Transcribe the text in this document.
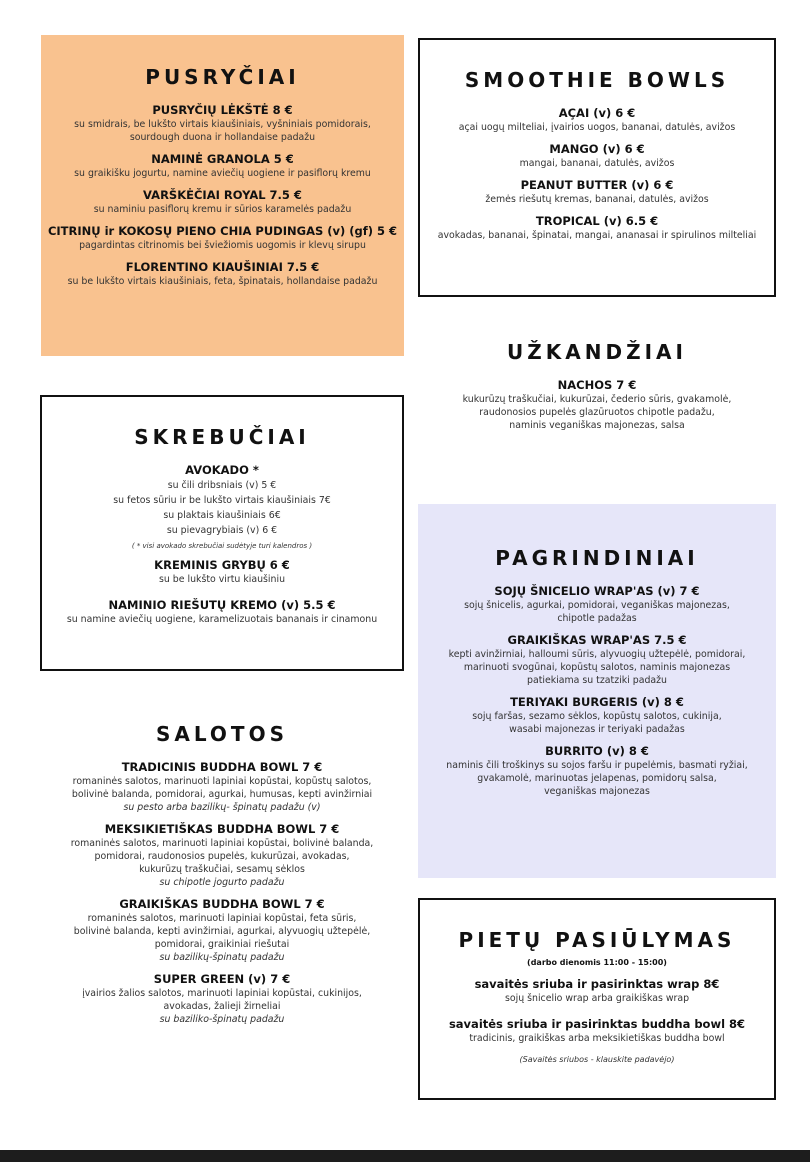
PUSRYČIAI
PUSRYČIŲ LĖKŠTĖ 8 €
su smidrais, be lukšto virtais kiaušiniais, vyšniniais pomidorais,
sourdough duona ir hollandaise padažu
NAMINĖ GRANOLA 5 €
su graikišku jogurtu, namine aviečių uogiene ir pasiflorų kremu
VARŠKĖČIAI ROYAL 7.5 €
su naminiu pasiflorų kremu ir sūrios karamelės padažu
CITRINŲ ir KOKOSŲ PIENO CHIA PUDINGAS (v) (gf) 5 €
pagardintas citrinomis bei šviežiomis uogomis ir klevų sirupu
FLORENTINO KIAUŠINIAI 7.5 €
su be lukšto virtais kiaušiniais, feta, špinatais, hollandaise padažu
SMOOTHIE BOWLS
AÇAI (v) 6 €
açai uogų milteliai, įvairios uogos, bananai, datulės, avižos
MANGO (v) 6 €
mangai, bananai, datulės, avižos
PEANUT BUTTER (v) 6 €
žemės riešutų kremas, bananai, datulės, avižos
TROPICAL (v) 6.5 €
avokadas, bananai, špinatai, mangai, ananasai ir spirulinos milteliai
UŽKANDŽIAI
NACHOS 7 €
kukurūzų traškučiai, kukurūzai, čederio sūris, gvakamolė,
raudonosios pupelės glazūruotos chipotle padažu,
naminis veganiškas majonezas, salsa
SKREBUČIAI
AVOKADO *
su čili dribsniais (v) 5 €
su fetos sūriu ir be lukšto virtais kiaušiniais 7€
su plaktais kiaušiniais 6€
su pievagrybiais (v) 6 €
( * visi avokado skrebučiai sudėtyje turi kalendros )
KREMINIS GRYBŲ 6 €
su be lukšto virtu kiaušiniu
NAMINIO RIEŠUTŲ KREMO (v) 5.5 €
su namine aviečių uogiene, karamelizuotais bananais ir cinamonu
PAGRINDINIAI
SOJŲ ŠNICELIO WRAP'AS (v) 7 €
sojų šnicelis, agurkai, pomidorai, veganiškas majonezas,
chipotle padažas
GRAIKIŠKAS WRAP'AS 7.5 €
kepti avinžirniai, halloumi sūris, alyvuogių užtepėlė, pomidorai,
marinuoti svogūnai, kopūstų salotos, naminis majonezas
patiekiama su tzatziki padažu
TERIYAKI BURGERIS (v) 8 €
sojų faršas, sezamo sėklos, kopūstų salotos, cukinija,
wasabi majonezas ir teriyaki padažas
BURRITO (v) 8 €
naminis čili troškinys su sojos faršu ir pupelėmis, basmati ryžiai,
gvakamolė, marinuotas jelapenas, pomidorų salsa,
veganiškas majonezas
SALOTOS
TRADICINIS BUDDHA BOWL 7 €
romaninės salotos, marinuoti lapiniai kopūstai, kopūstų salotos,
bolivinė balanda, pomidorai, agurkai, humusas, kepti avinžirniai
su pesto arba bazilikų- špinatų padažu (v)
MEKSIKIETIŠKAS BUDDHA BOWL 7 €
romaninės salotos, marinuoti lapiniai kopūstai, bolivinė balanda,
pomidorai, raudonosios pupelės, kukurūzai, avokadas,
kukurūzų traškučiai, sesamų sėklos
su chipotle jogurto padažu
GRAIKIŠKAS BUDDHA BOWL 7 €
romaninės salotos, marinuoti lapiniai kopūstai, feta sūris,
bolivinė balanda, kepti avinžirniai, agurkai, alyvuogių užtepėlė,
pomidorai, graikiniai riešutai
su bazilikų-špinatų padažu
SUPER GREEN (v) 7 €
įvairios žalios salotos, marinuoti lapiniai kopūstai, cukinijos,
avokadas, žalieji žirneliai
su baziliko-špinatų padažu
PIETŲ PASIŪLYMAS
(darbo dienomis 11:00 - 15:00)
savaitės sriuba ir pasirinktas wrap 8€
sojų šnicelio wrap arba graikiškas wrap
savaitės sriuba ir pasirinktas buddha bowl 8€
tradicinis, graikiškas arba meksikietiškas buddha bowl
(Savaitės sriubos - klauskite padavėjo)
